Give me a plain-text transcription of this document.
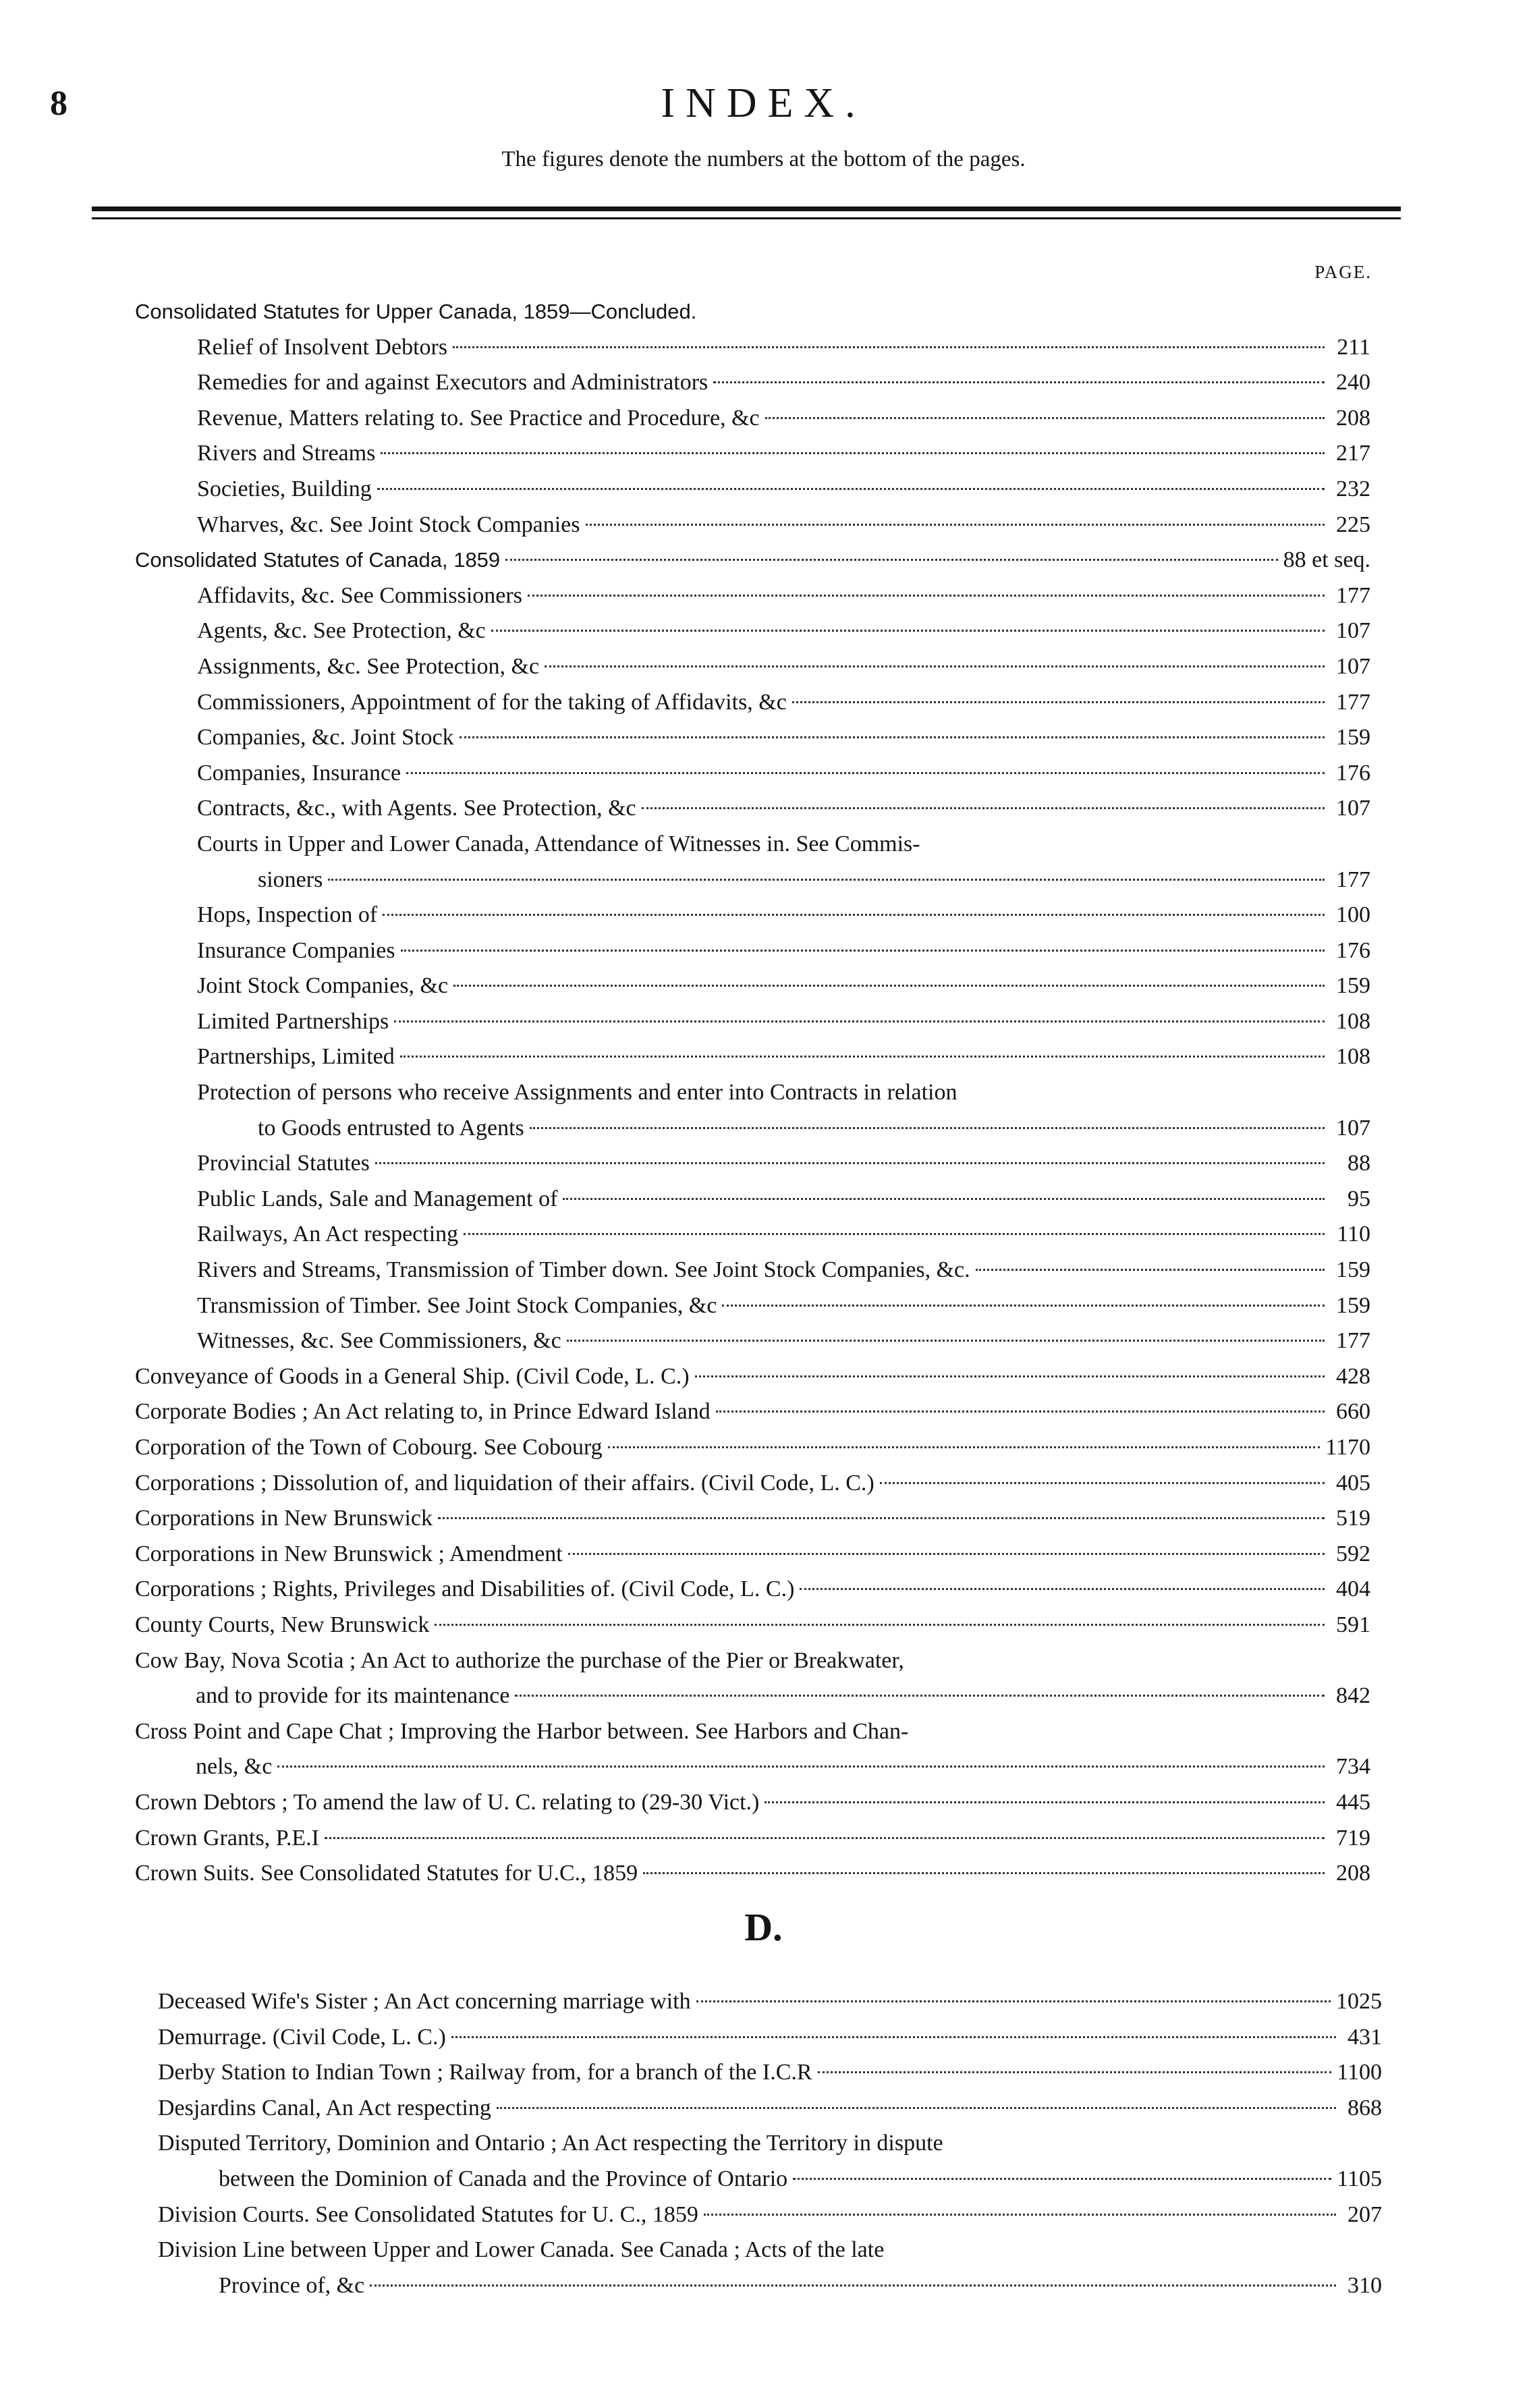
8	INDEX.
The figures denote the numbers at the bottom of the pages.
PAGE.
Consolidated Statutes for Upper Canada, 1859—Concluded.
Relief of Insolvent Debtors	211
Remedies for and against Executors and Administrators	240
Revenue, Matters relating to. See Practice and Procedure, &c	208
Rivers and Streams	217
Societies, Building	232
Wharves, &c. See Joint Stock Companies	225
Consolidated Statutes of Canada, 1859	88 et seq.
Affidavits, &c. See Commissioners	177
Agents, &c. See Protection, &c	107
Assignments, &c. See Protection, &c	107
Commissioners, Appointment of for the taking of Affidavits, &c	177
Companies, &c. Joint Stock	159
Companies, Insurance	176
Contracts, &c., with Agents. See Protection, &c	107
Courts in Upper and Lower Canada, Attendance of Witnesses in. See Commis-
sioners	177
Hops, Inspection of	100
Insurance Companies	176
Joint Stock Companies, &c	159
Limited Partnerships	108
Partnerships, Limited	108
Protection of persons who receive Assignments and enter into Contracts in relation
to Goods entrusted to Agents	107
Provincial Statutes	88
Public Lands, Sale and Management of	95
Railways, An Act respecting	110
Rivers and Streams, Transmission of Timber down. See Joint Stock Companies, &c.	159
Transmission of Timber. See Joint Stock Companies, &c	159
Witnesses, &c. See Commissioners, &c	177
Conveyance of Goods in a General Ship. (Civil Code, L. C.)	428
Corporate Bodies ; An Act relating to, in Prince Edward Island	660
Corporation of the Town of Cobourg. See Cobourg	1170
Corporations ; Dissolution of, and liquidation of their affairs. (Civil Code, L. C.)	405
Corporations in New Brunswick	519
Corporations in New Brunswick ; Amendment	592
Corporations ; Rights, Privileges and Disabilities of. (Civil Code, L. C.)	404
County Courts, New Brunswick	591
Cow Bay, Nova Scotia ; An Act to authorize the purchase of the Pier or Breakwater,
and to provide for its maintenance	842
Cross Point and Cape Chat ; Improving the Harbor between. See Harbors and Chan-
nels, &c	734
Crown Debtors ; To amend the law of U. C. relating to (29-30 Vict.)	445
Crown Grants, P.E.I	719
Crown Suits. See Consolidated Statutes for U.C., 1859	208
D.
Deceased Wife's Sister ; An Act concerning marriage with	1025
Demurrage. (Civil Code, L. C.)	431
Derby Station to Indian Town ; Railway from, for a branch of the I.C.R	1100
Desjardins Canal, An Act respecting	868
Disputed Territory, Dominion and Ontario ; An Act respecting the Territory in dispute
between the Dominion of Canada and the Province of Ontario	1105
Division Courts. See Consolidated Statutes for U. C., 1859	207
Division Line between Upper and Lower Canada. See Canada ; Acts of the late
Province of, &c	310
